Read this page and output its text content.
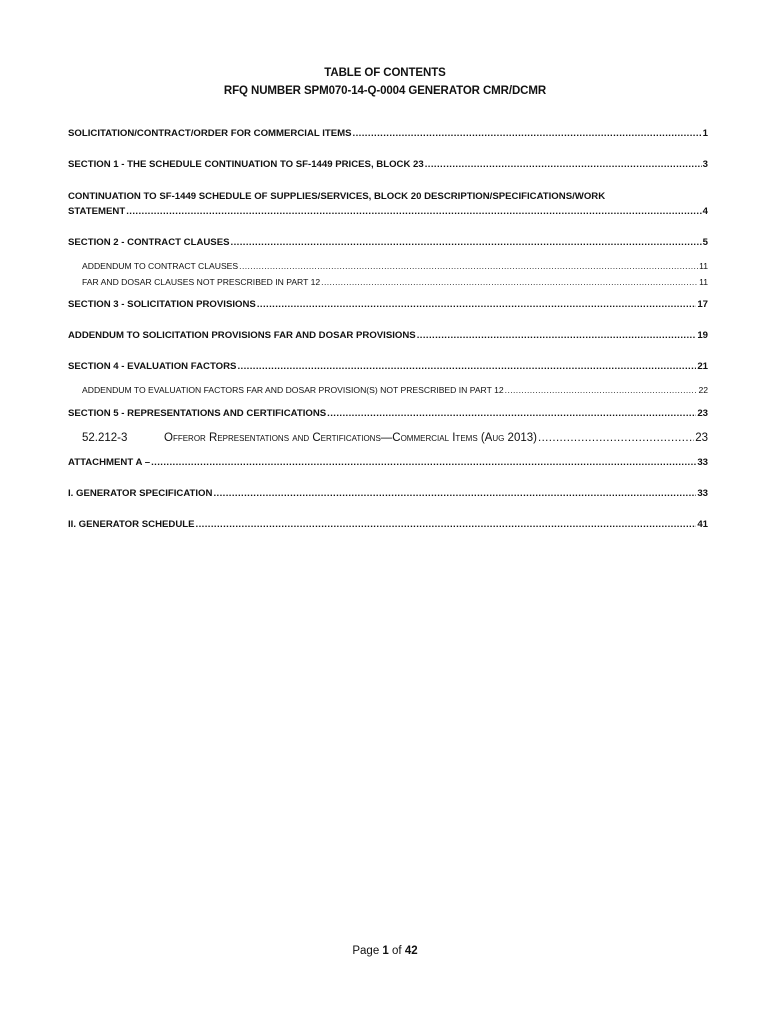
TABLE OF CONTENTS
RFQ NUMBER SPM070-14-Q-0004 GENERATOR CMR/DCMR
SOLICITATION/CONTRACT/ORDER FOR COMMERCIAL ITEMS .....	1
SECTION 1 - THE SCHEDULE CONTINUATION TO SF-1449 PRICES, BLOCK 23 .....	3
CONTINUATION TO SF-1449 SCHEDULE OF SUPPLIES/SERVICES, BLOCK 20 DESCRIPTION/SPECIFICATIONS/WORK
STATEMENT .....	4
SECTION 2 - CONTRACT CLAUSES .....	5
ADDENDUM TO CONTRACT CLAUSES .....	11
FAR AND DOSAR CLAUSES NOT PRESCRIBED IN PART 12 .....	11
SECTION 3 - SOLICITATION PROVISIONS .....	17
ADDENDUM TO SOLICITATION PROVISIONS FAR AND DOSAR PROVISIONS .....	19
SECTION 4 - EVALUATION FACTORS .....	21
ADDENDUM TO EVALUATION FACTORS FAR AND DOSAR PROVISION(S) NOT PRESCRIBED IN PART 12 .....	22
SECTION 5 - REPRESENTATIONS AND CERTIFICATIONS .....	23
52.212-3	Offeror Representations and Certifications—Commercial Items (Aug 2013) .....	23
ATTACHMENT A – .....	33
I. GENERATOR SPECIFICATION .....	33
II. GENERATOR SCHEDULE .....	41
Page 1 of 42
